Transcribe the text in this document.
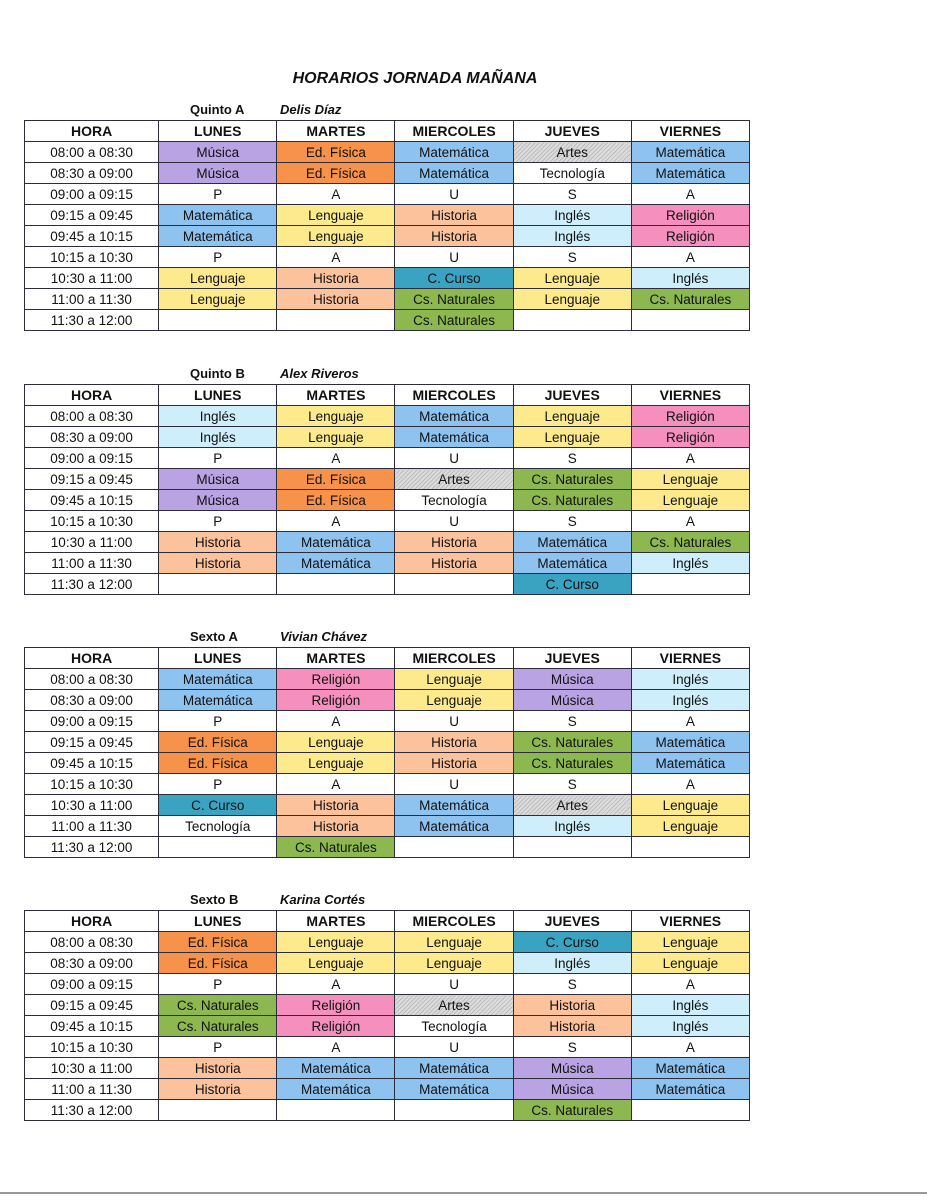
HORARIOS JORNADA MAÑANA
Quinto A	Delis Díaz
HORA	LUNES	MARTES	MIERCOLES	JUEVES	VIERNES
08:00 a 08:30	Música	Ed. Física	Matemática	Artes	Matemática
08:30 a 09:00	Música	Ed. Física	Matemática	Tecnología	Matemática
09:00 a 09:15	P	A	U	S	A
09:15 a 09:45	Matemática	Lenguaje	Historia	Inglés	Religión
09:45 a 10:15	Matemática	Lenguaje	Historia	Inglés	Religión
10:15 a 10:30	P	A	U	S	A
10:30 a 11:00	Lenguaje	Historia	C. Curso	Lenguaje	Inglés
11:00 a 11:30	Lenguaje	Historia	Cs. Naturales	Lenguaje	Cs. Naturales
11:30 a 12:00			Cs. Naturales		
Quinto B	Alex Riveros
HORA	LUNES	MARTES	MIERCOLES	JUEVES	VIERNES
08:00 a 08:30	Inglés	Lenguaje	Matemática	Lenguaje	Religión
08:30 a 09:00	Inglés	Lenguaje	Matemática	Lenguaje	Religión
09:00 a 09:15	P	A	U	S	A
09:15 a 09:45	Música	Ed. Física	Artes	Cs. Naturales	Lenguaje
09:45 a 10:15	Música	Ed. Física	Tecnología	Cs. Naturales	Lenguaje
10:15 a 10:30	P	A	U	S	A
10:30 a 11:00	Historia	Matemática	Historia	Matemática	Cs. Naturales
11:00 a 11:30	Historia	Matemática	Historia	Matemática	Inglés
11:30 a 12:00				C. Curso	
Sexto A	Vivian Chávez
HORA	LUNES	MARTES	MIERCOLES	JUEVES	VIERNES
08:00 a 08:30	Matemática	Religión	Lenguaje	Música	Inglés
08:30 a 09:00	Matemática	Religión	Lenguaje	Música	Inglés
09:00 a 09:15	P	A	U	S	A
09:15 a 09:45	Ed. Física	Lenguaje	Historia	Cs. Naturales	Matemática
09:45 a 10:15	Ed. Física	Lenguaje	Historia	Cs. Naturales	Matemática
10:15 a 10:30	P	A	U	S	A
10:30 a 11:00	C. Curso	Historia	Matemática	Artes	Lenguaje
11:00 a 11:30	Tecnología	Historia	Matemática	Inglés	Lenguaje
11:30 a 12:00		Cs. Naturales			
Sexto B	Karina Cortés
HORA	LUNES	MARTES	MIERCOLES	JUEVES	VIERNES
08:00 a 08:30	Ed. Física	Lenguaje	Lenguaje	C. Curso	Lenguaje
08:30 a 09:00	Ed. Física	Lenguaje	Lenguaje	Inglés	Lenguaje
09:00 a 09:15	P	A	U	S	A
09:15 a 09:45	Cs. Naturales	Religión	Artes	Historia	Inglés
09:45 a 10:15	Cs. Naturales	Religión	Tecnología	Historia	Inglés
10:15 a 10:30	P	A	U	S	A
10:30 a 11:00	Historia	Matemática	Matemática	Música	Matemática
11:00 a 11:30	Historia	Matemática	Matemática	Música	Matemática
11:30 a 12:00				Cs. Naturales	
